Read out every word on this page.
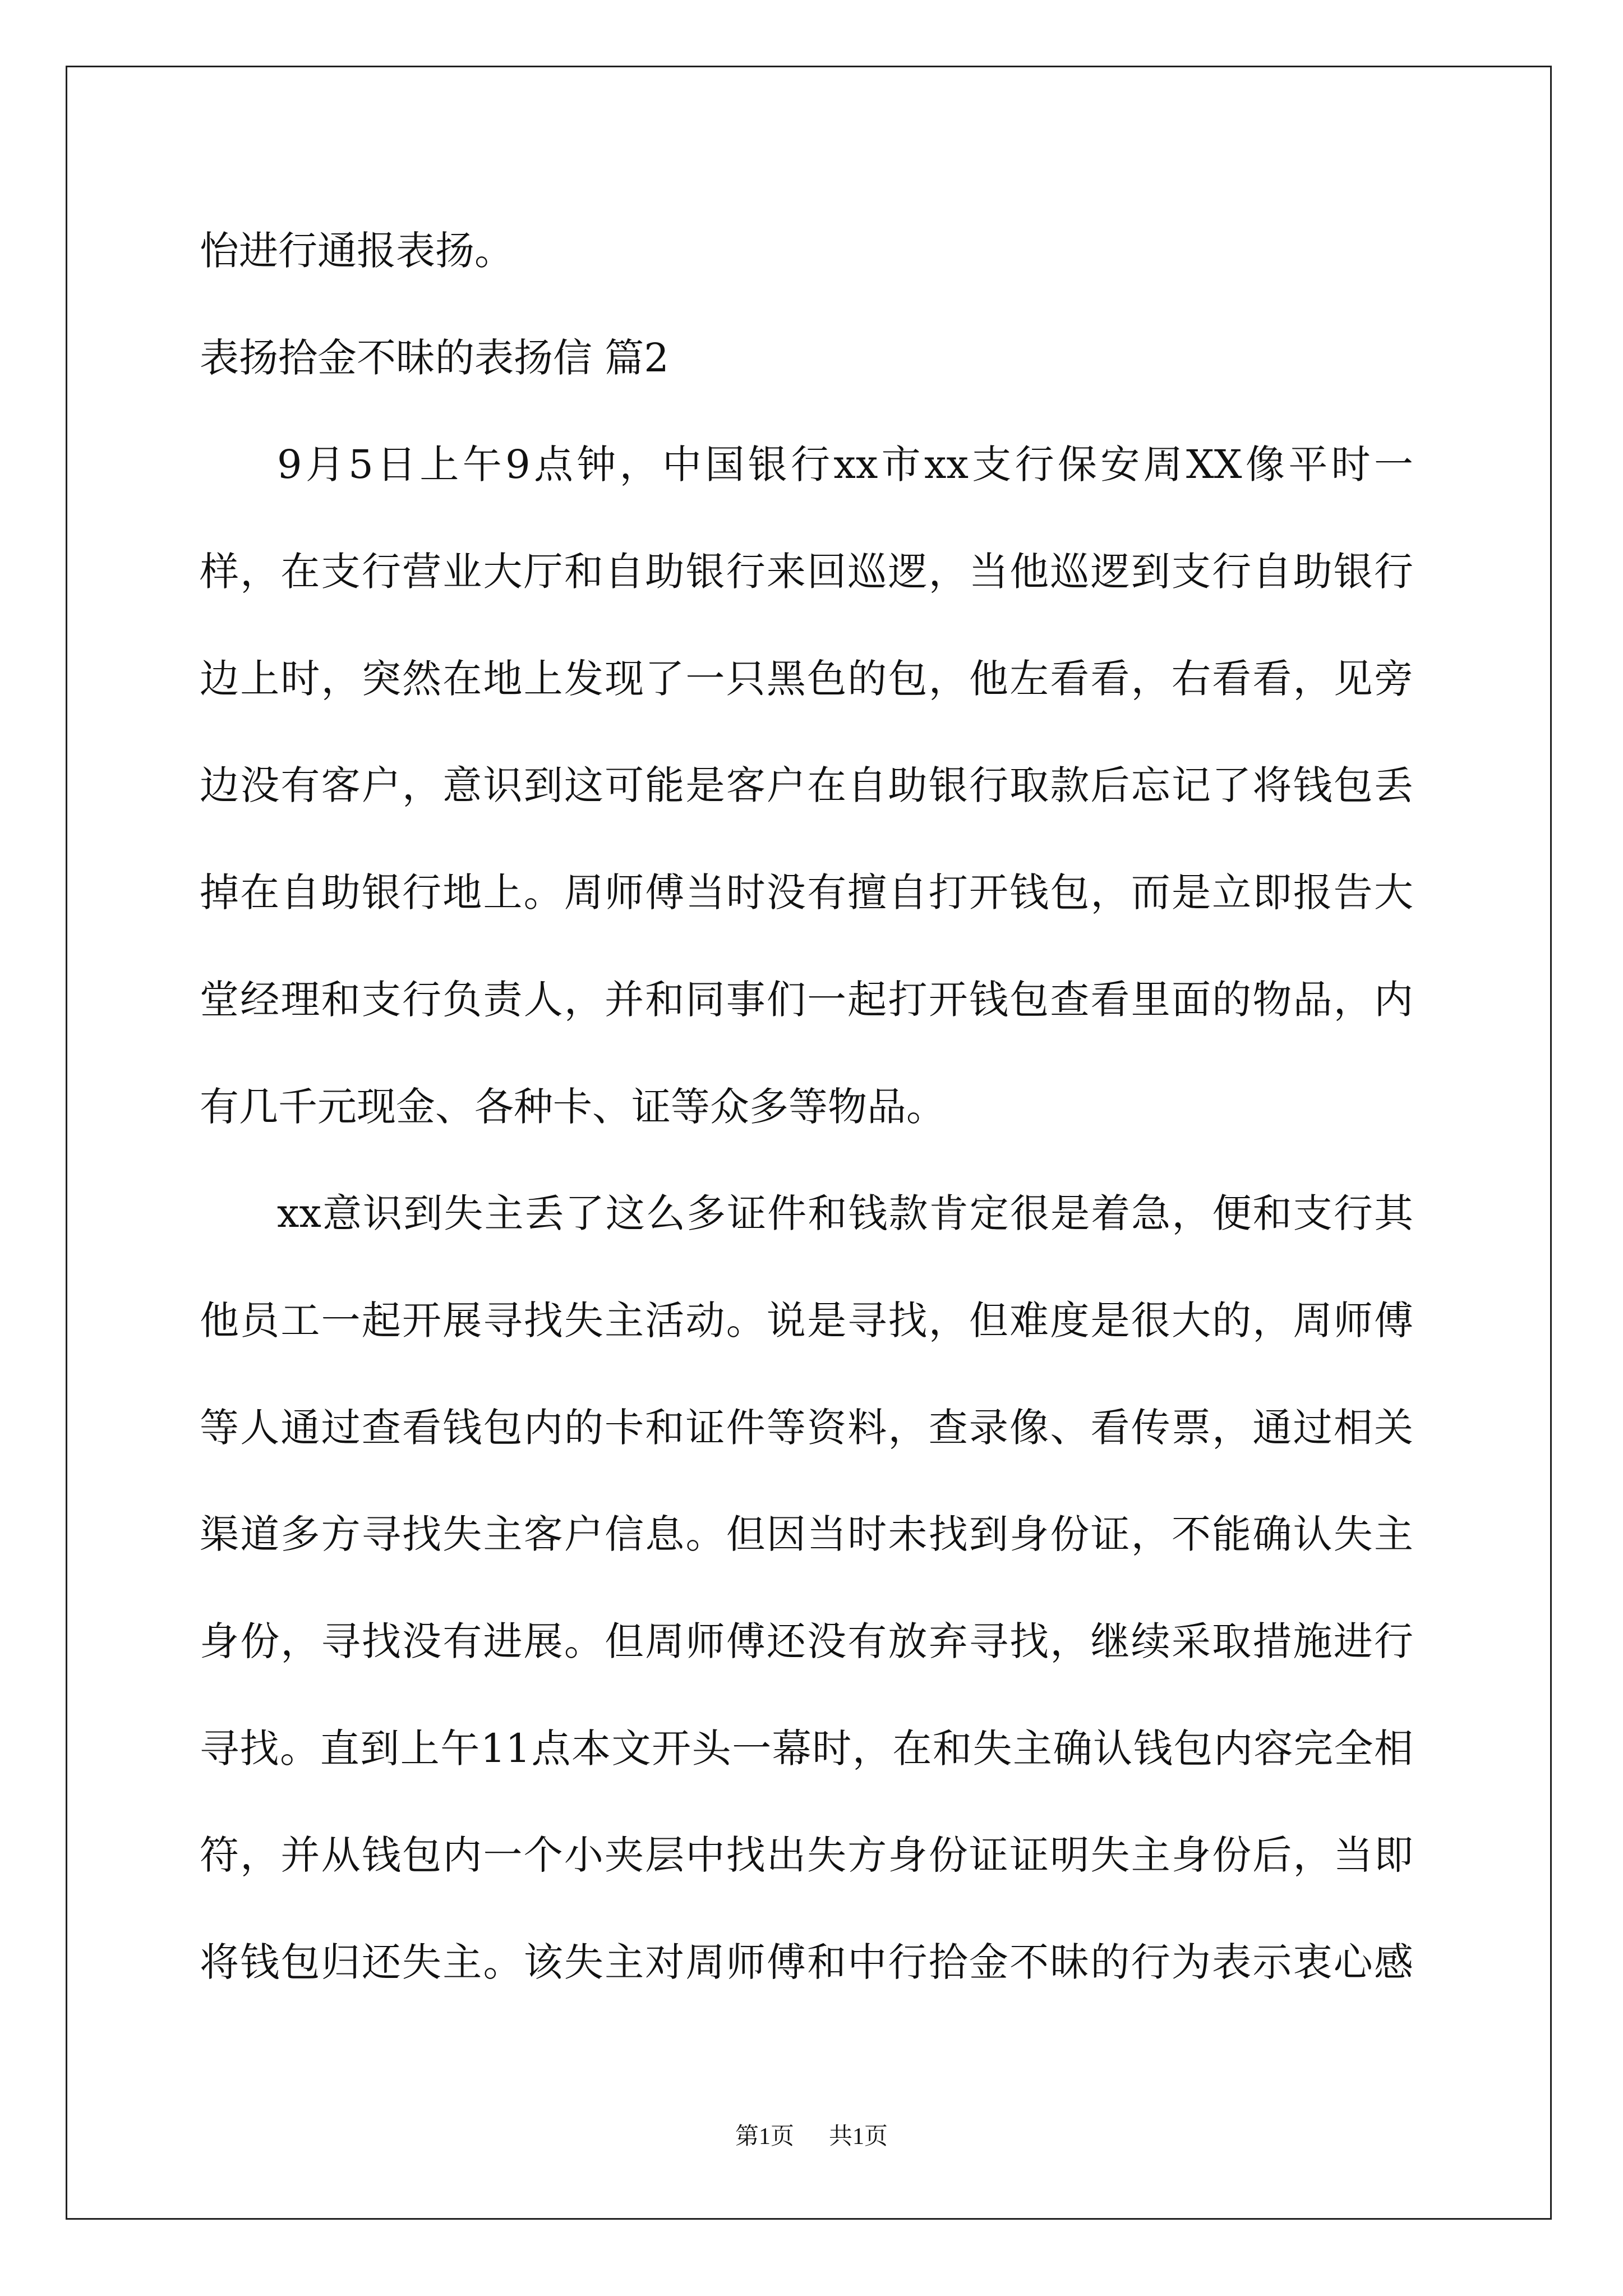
怡进行通报表扬。
表扬拾金不昧的表扬信 篇2
9月5日上午9点钟，中国银行xx市xx支行保安周XX像平时一
样，在支行营业大厅和自助银行来回巡逻，当他巡逻到支行自助银行
边上时，突然在地上发现了一只黑色的包，他左看看，右看看，见旁
边没有客户，意识到这可能是客户在自助银行取款后忘记了将钱包丢
掉在自助银行地上。周师傅当时没有擅自打开钱包，而是立即报告大
堂经理和支行负责人，并和同事们一起打开钱包查看里面的物品，内
有几千元现金、各种卡、证等众多等物品。
xx意识到失主丢了这么多证件和钱款肯定很是着急，便和支行其
他员工一起开展寻找失主活动。说是寻找，但难度是很大的，周师傅
等人通过查看钱包内的卡和证件等资料，查录像、看传票，通过相关
渠道多方寻找失主客户信息。但因当时未找到身份证，不能确认失主
身份，寻找没有进展。但周师傅还没有放弃寻找，继续采取措施进行
寻找。直到上午11点本文开头一幕时，在和失主确认钱包内容完全相
符，并从钱包内一个小夹层中找出失方身份证证明失主身份后，当即
将钱包归还失主。该失主对周师傅和中行拾金不昧的行为表示衷心感
第1页 共1页
